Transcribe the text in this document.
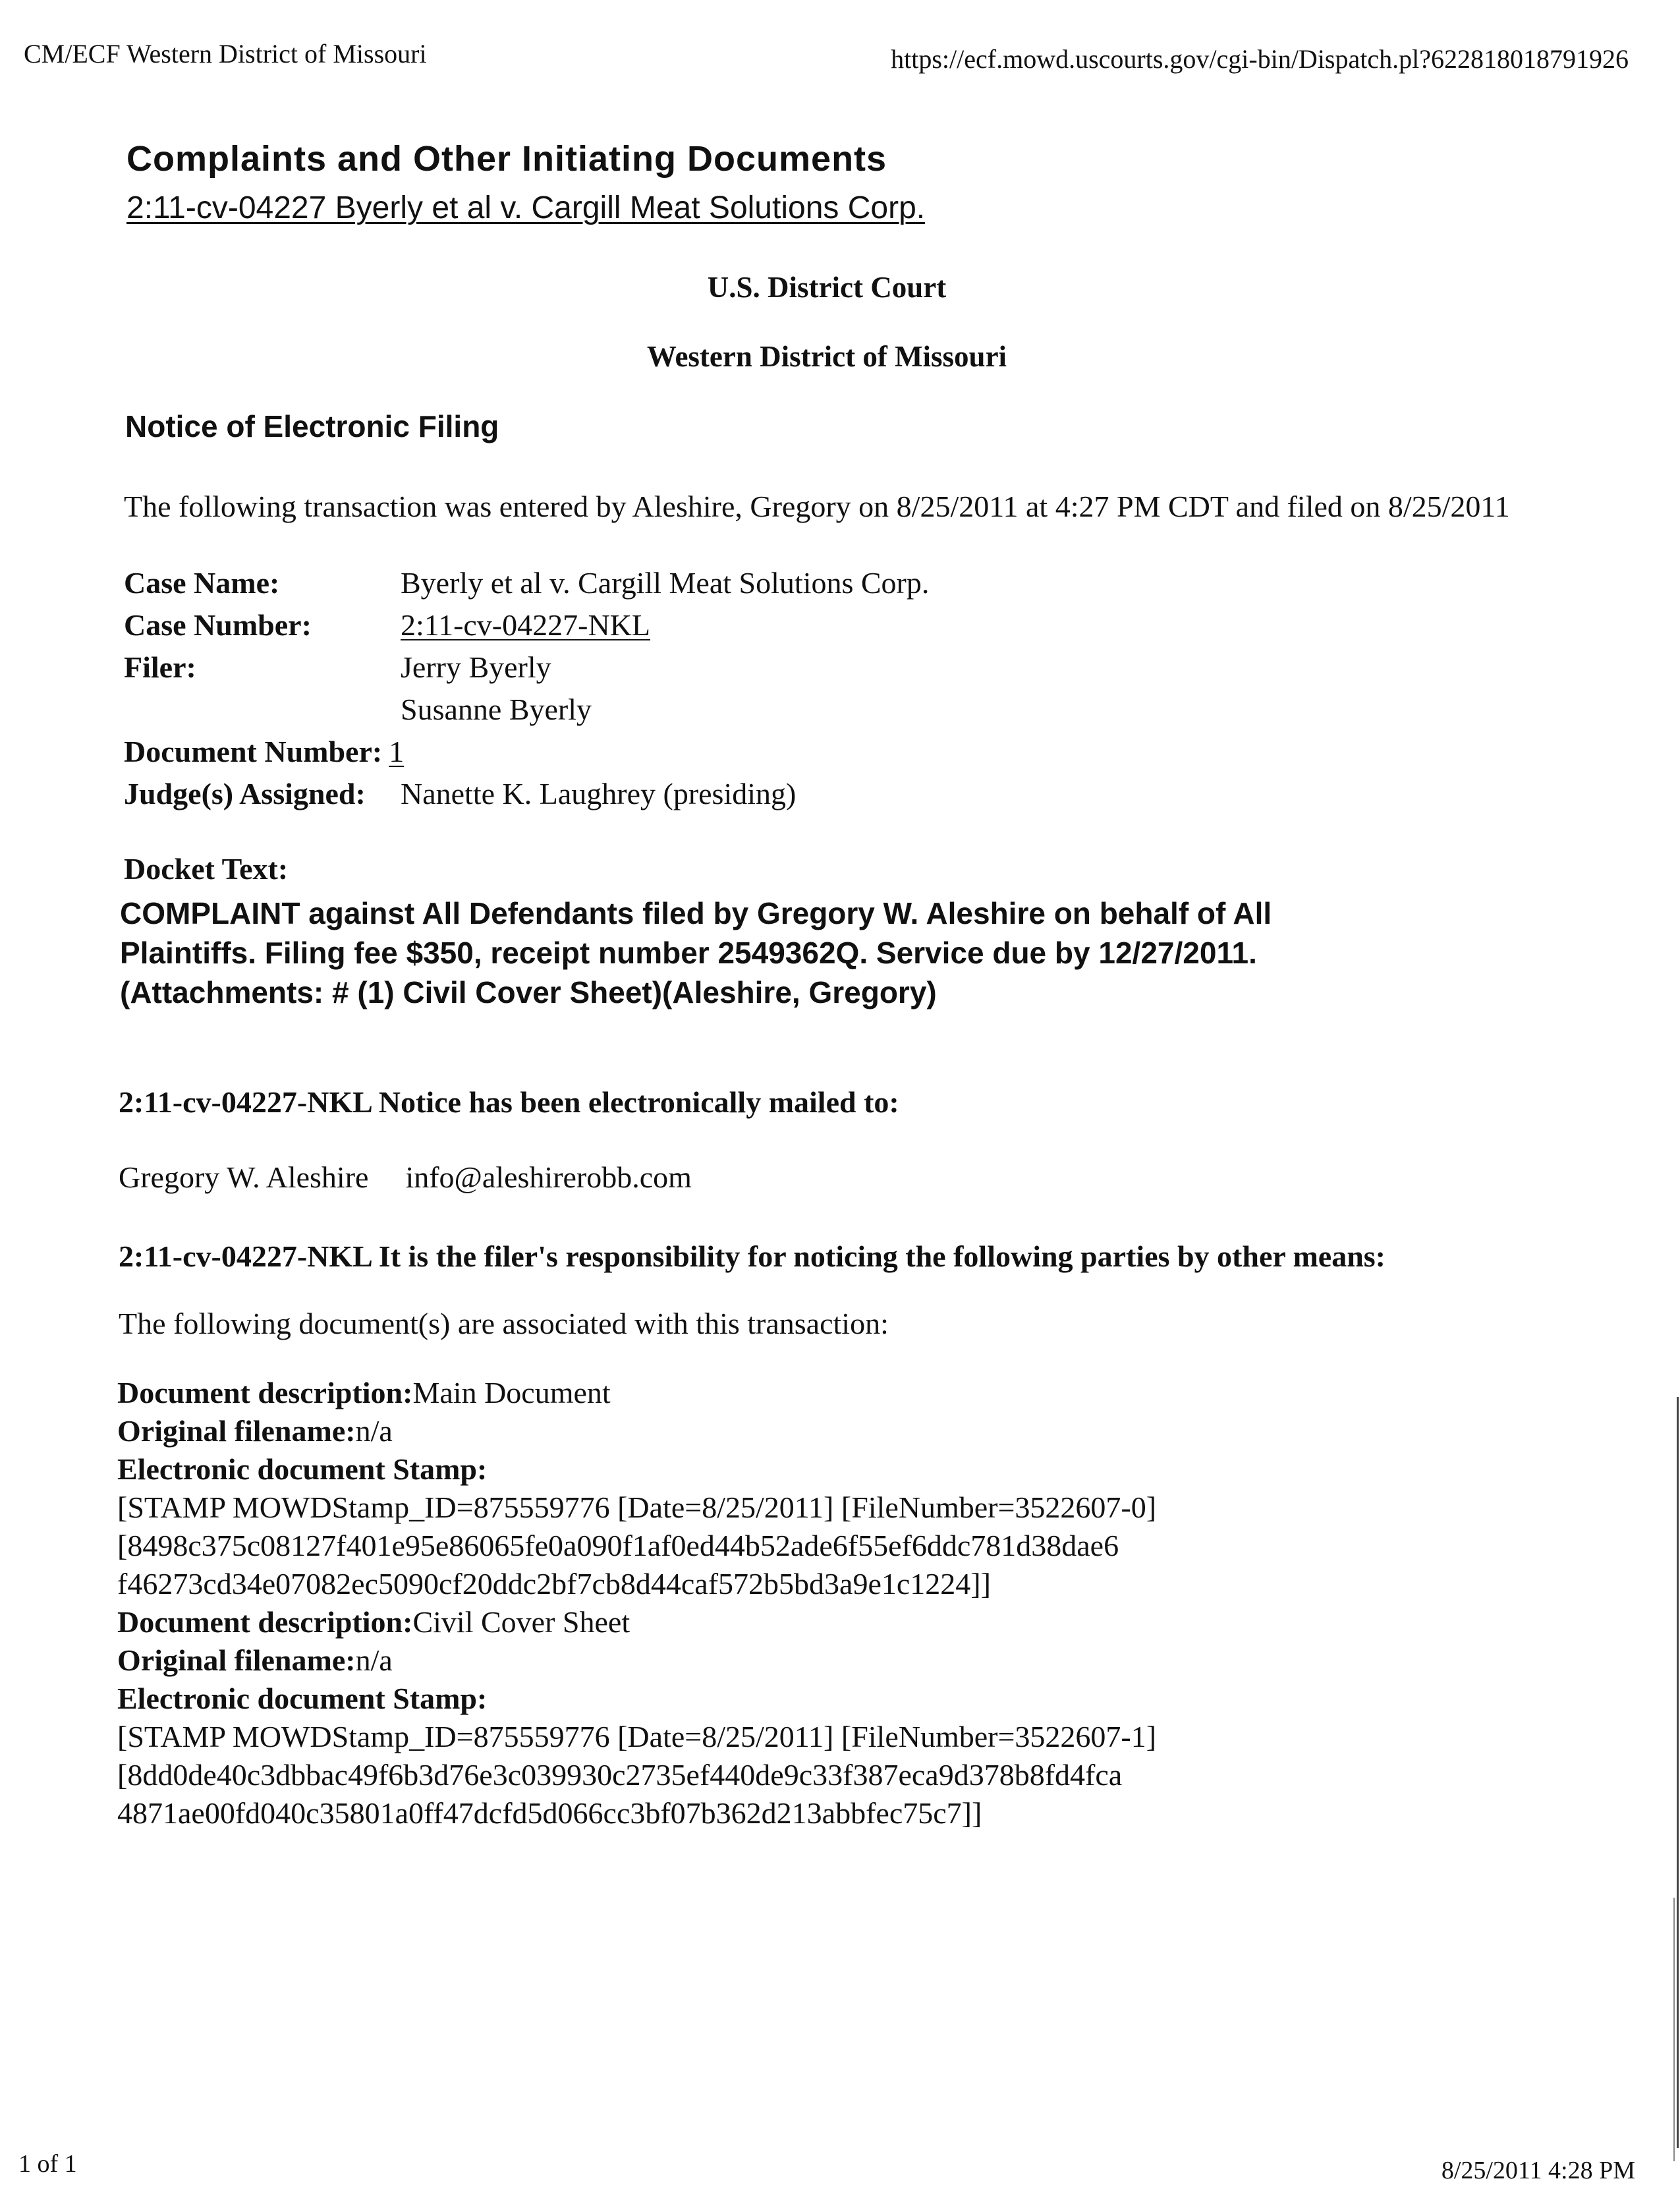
CM/ECF Western District of Missouri	https://ecf.mowd.uscourts.gov/cgi-bin/Dispatch.pl?622818018791926
Complaints and Other Initiating Documents
2:11-cv-04227 Byerly et al v. Cargill Meat Solutions Corp.
U.S. District Court
Western District of Missouri
Notice of Electronic Filing
The following transaction was entered by Aleshire, Gregory on 8/25/2011 at 4:27 PM CDT and filed on 8/25/2011
Case Name:	Byerly et al v. Cargill Meat Solutions Corp.
Case Number:	2:11-cv-04227-NKL
Filer:	Jerry Byerly
Susanne Byerly
Document Number: 1
Judge(s) Assigned: Nanette K. Laughrey (presiding)
Docket Text:
COMPLAINT against All Defendants filed by Gregory W. Aleshire on behalf of All
Plaintiffs. Filing fee $350, receipt number 2549362Q. Service due by 12/27/2011.
(Attachments: # (1) Civil Cover Sheet)(Aleshire, Gregory)
2:11-cv-04227-NKL Notice has been electronically mailed to:
Gregory W. Aleshire info@aleshirerobb.com
2:11-cv-04227-NKL It is the filer's responsibility for noticing the following parties by other means:
The following document(s) are associated with this transaction:
Document description:Main Document
Original filename:n/a
Electronic document Stamp:
[STAMP MOWDStamp_ID=875559776 [Date=8/25/2011] [FileNumber=3522607-0]
[8498c375c08127f401e95e86065fe0a090f1af0ed44b52ade6f55ef6ddc781d38dae6
f46273cd34e07082ec5090cf20ddc2bf7cb8d44caf572b5bd3a9e1c1224]]
Document description:Civil Cover Sheet
Original filename:n/a
Electronic document Stamp:
[STAMP MOWDStamp_ID=875559776 [Date=8/25/2011] [FileNumber=3522607-1]
[8dd0de40c3dbbac49f6b3d76e3c039930c2735ef440de9c33f387eca9d378b8fd4fca
4871ae00fd040c35801a0ff47dcfd5d066cc3bf07b362d213abbfec75c7]]
1 of 1	8/25/2011 4:28 PM
